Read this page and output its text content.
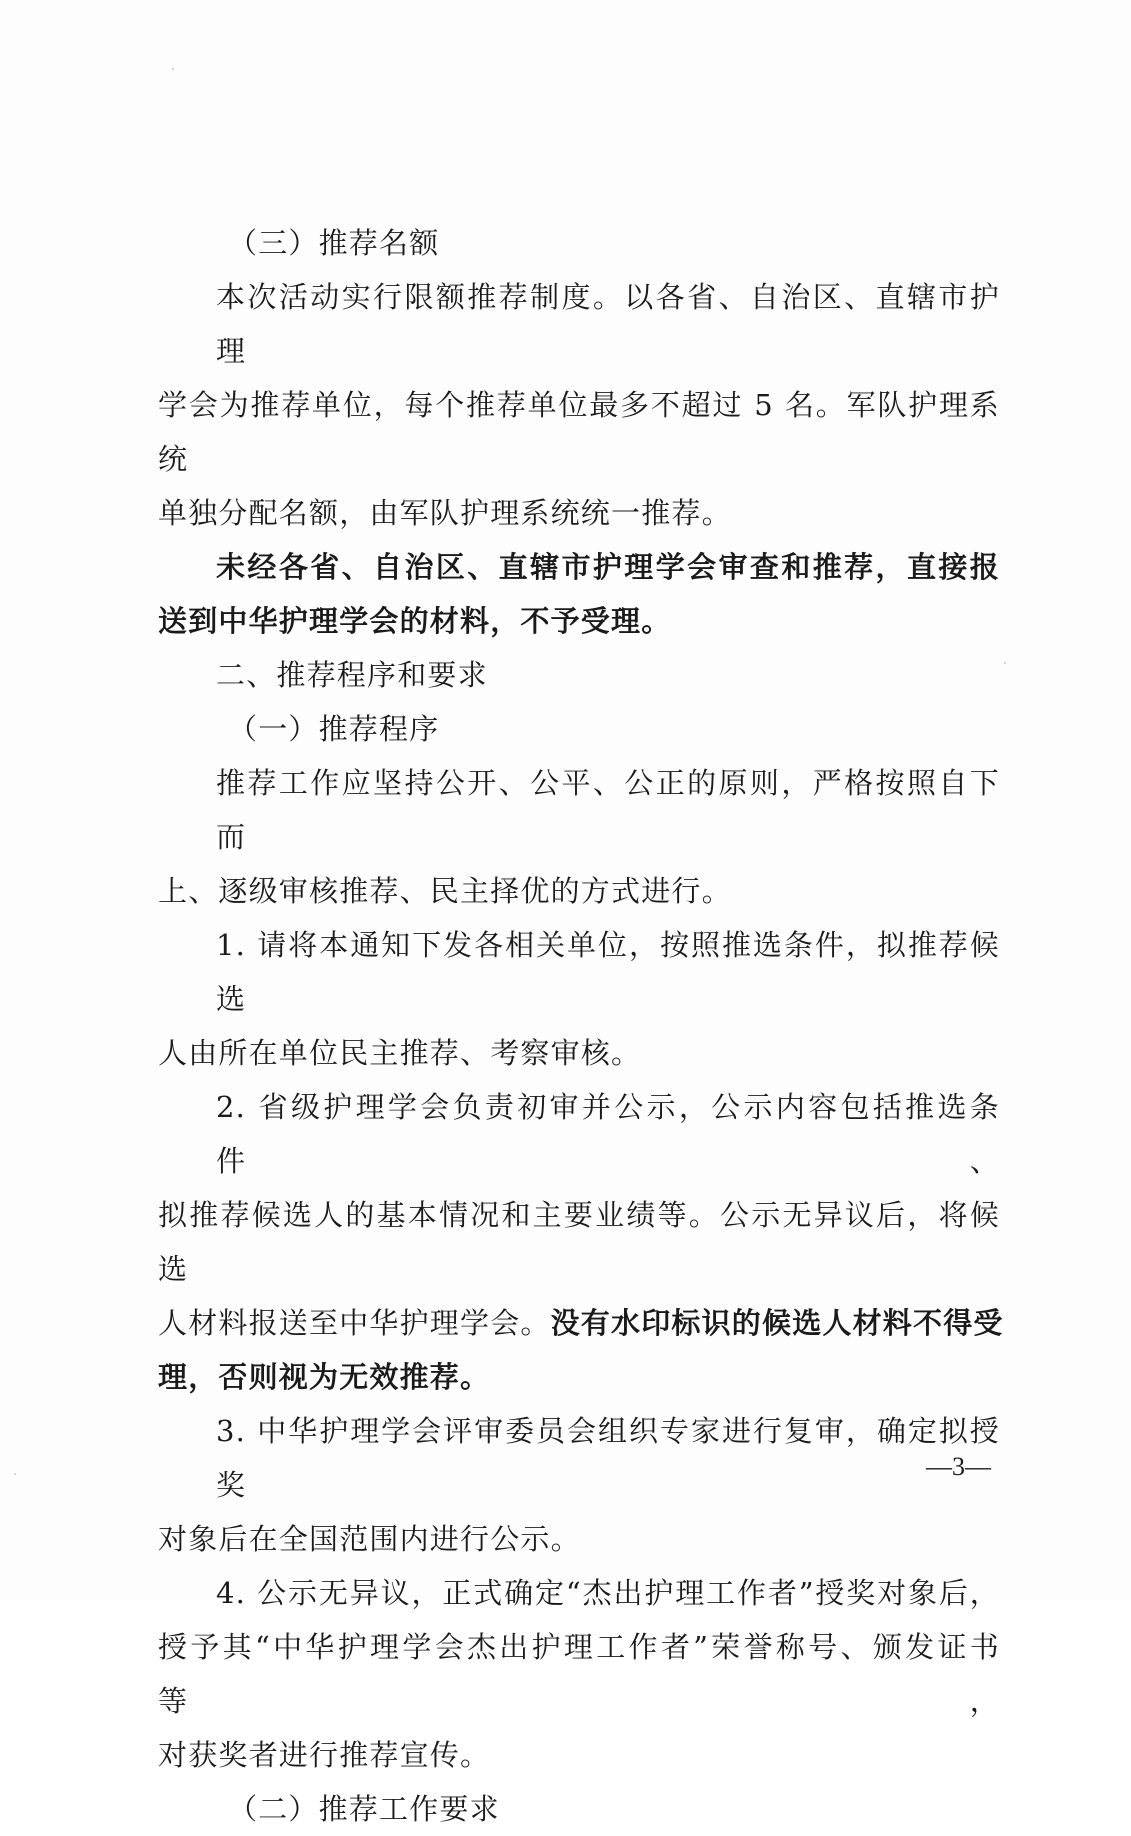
（三）推荐名额

本次活动实行限额推荐制度。以各省、自治区、直辖市护理
学会为推荐单位，每个推荐单位最多不超过 5 名。军队护理系统

单独分配名额，由军队护理系统统一推荐。

未经各省、自治区、直辖市护理学会审查和推荐，直接报

送到中华护理学会的材料，不予受理。

二、推荐程序和要求

（一）推荐程序

推荐工作应坚持公开、公平、公正的原则，严格按照自下而

上、逐级审核推荐、民主择优的方式进行。

1. 请将本通知下发各相关单位，按照推选条件，拟推荐候选

人由所在单位民主推荐、考察审核。

2. 省级护理学会负责初审并公示，公示内容包括推选条件、
拟推荐候选人的基本情况和主要业绩等。公示无异议后，将候选

人材料报送至中华护理学会。没有水印标识的候选人材料不得受

理，否则视为无效推荐。

3. 中华护理学会评审委员会组织专家进行复审，确定拟授奖

对象后在全国范围内进行公示。

4. 公示无异议，正式确定“杰出护理工作者”授奖对象后，
授予其“中华护理学会杰出护理工作者”荣誉称号、颁发证书等，

对获奖者进行推荐宣传。

（二）推荐工作要求

—3—
